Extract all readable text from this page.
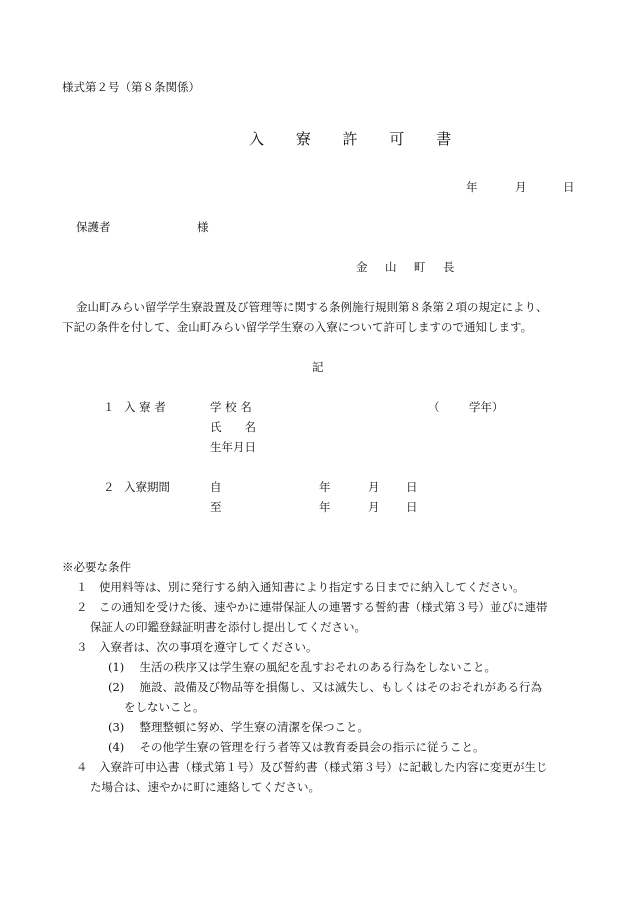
様式第２号（第８条関係）
入 寮 許 可 書
年	月	日
保護者	様
金 山 町 長
金山町みらい留学学生寮設置及び管理等に関する条例施行規則第８条第２項の規定により、
下記の条件を付して、金山町みらい留学学生寮の入寮について許可しますので通知します。
記
１ 入 寮 者	学 校 名	（	学年）
氏　　名
生年月日
２ 入寮期間	自	年	月 日
至	年	月 日
※必要な条件
１　使用料等は、別に発行する納入通知書により指定する日までに納入してください。
２　この通知を受けた後、速やかに連帯保証人の連署する誓約書（様式第３号）並びに連帯
保証人の印鑑登録証明書を添付し提出してください。
３　入寮者は、次の事項を遵守してください。
(1)　 生活の秩序又は学生寮の風紀を乱すおそれのある行為をしないこと。
(2)　 施設、設備及び物品等を損傷し、又は滅失し、もしくはそのおそれがある行為
をしないこと。
(3)　 整理整頓に努め、学生寮の清潔を保つこと。
(4)　 その他学生寮の管理を行う者等又は教育委員会の指示に従うこと。
４　入寮許可申込書（様式第１号）及び誓約書（様式第３号）に記載した内容に変更が生じ
た場合は、速やかに町に連絡してください。
